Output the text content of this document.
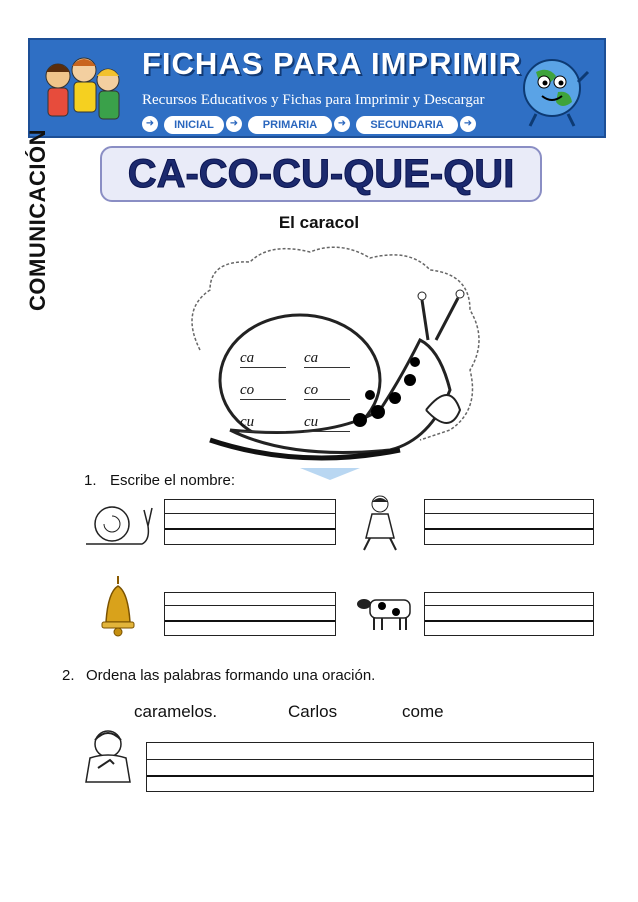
FICHAS PARA IMPRIMIR
Recursos Educativos y Fichas para Imprimir y Descargar
➜	INICIAL	➜	PRIMARIA	➜	SECUNDARIA	➜
COMUNICACIÓN	CA-CO-CU-QUE-QUI
El caracol
ca	ca
co	co
cu	cu
1. Escribe el nombre:
2. Ordena las palabras formando una oración.
caramelos.	Carlos	come
